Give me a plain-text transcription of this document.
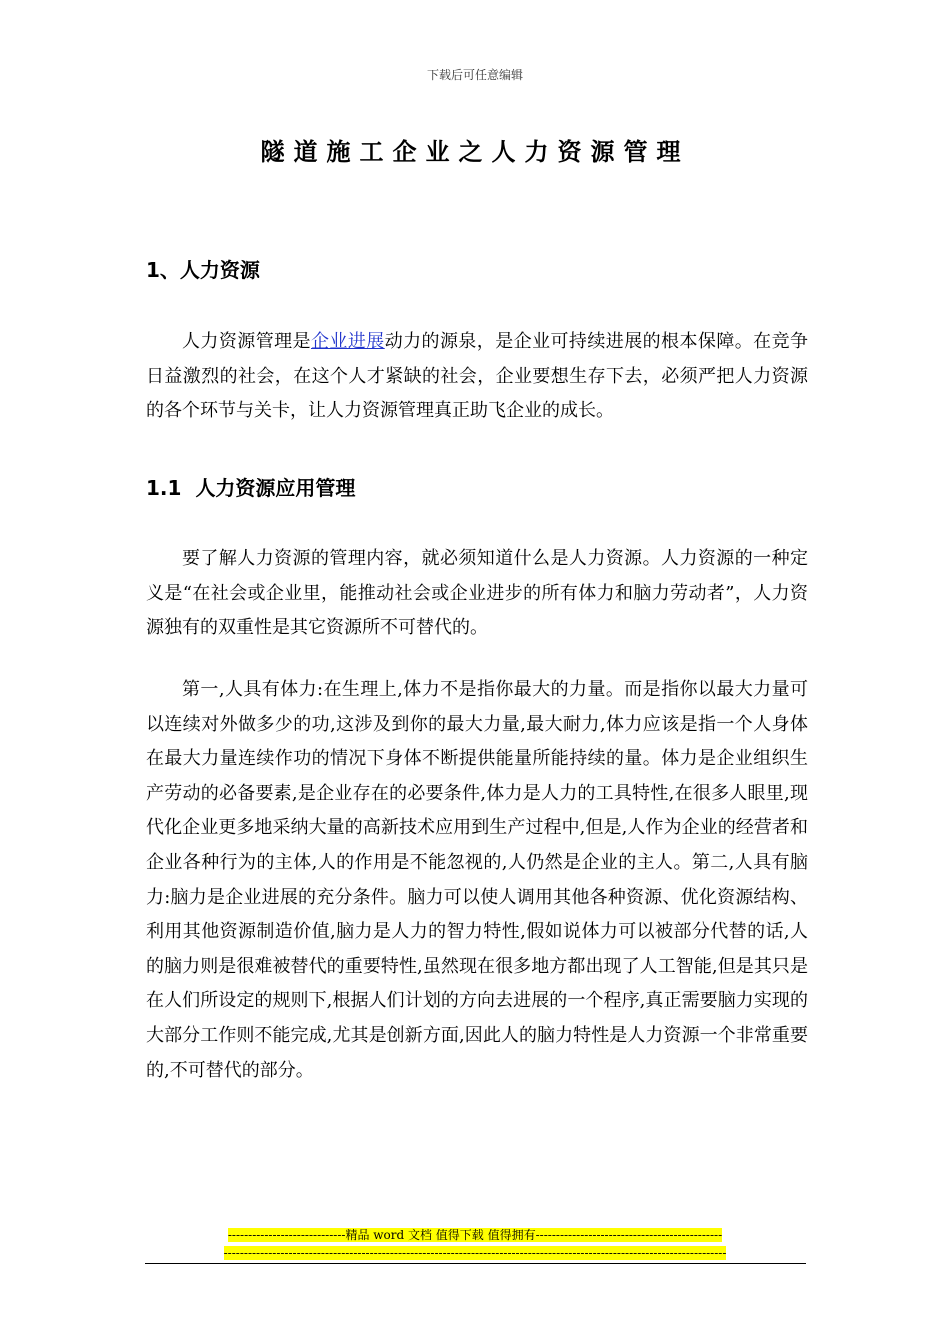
下载后可任意编辑
隧道施工企业之人力资源管理
1、人力资源

人力资源管理是企业进展动力的源泉，是企业可持续进展的根本保障。在竞争日益激烈的社会，在这个人才紧缺的社会，企业要想生存下去，必须严把人力资源的各个环节与关卡，让人力资源管理真正助飞企业的成长。

1.1 人力资源应用管理

要了解人力资源的管理内容，就必须知道什么是人力资源。人力资源的一种定义是“在社会或企业里，能推动社会或企业进步的所有体力和脑力劳动者”，人力资源独有的双重性是其它资源所不可替代的。

第一,人具有体力:在生理上,体力不是指你最大的力量。而是指你以最大力量可以连续对外做多少的功,这涉及到你的最大力量,最大耐力,体力应该是指一个人身体在最大力量连续作功的情况下身体不断提供能量所能持续的量。体力是企业组织生产劳动的必备要素,是企业存在的必要条件,体力是人力的工具特性,在很多人眼里,现代化企业更多地采纳大量的高新技术应用到生产过程中,但是,人作为企业的经营者和企业各种行为的主体,人的作用是不能忽视的,人仍然是企业的主人。第二,人具有脑力:脑力是企业进展的充分条件。脑力可以使人调用其他各种资源、优化资源结构、利用其他资源制造价值,脑力是人力的智力特性,假如说体力可以被部分代替的话,人的脑力则是很难被替代的重要特性,虽然现在很多地方都出现了人工智能,但是其只是在人们所设定的规则下,根据人们计划的方向去进展的一个程序,真正需要脑力实现的大部分工作则不能完成,尤其是创新方面,因此人的脑力特性是人力资源一个非常重要的,不可替代的部分。

-----------------------------精品 word 文档 值得下载 值得拥有----------------------------------------------
----------------------------------------------------------------------------------------------------------------------------
